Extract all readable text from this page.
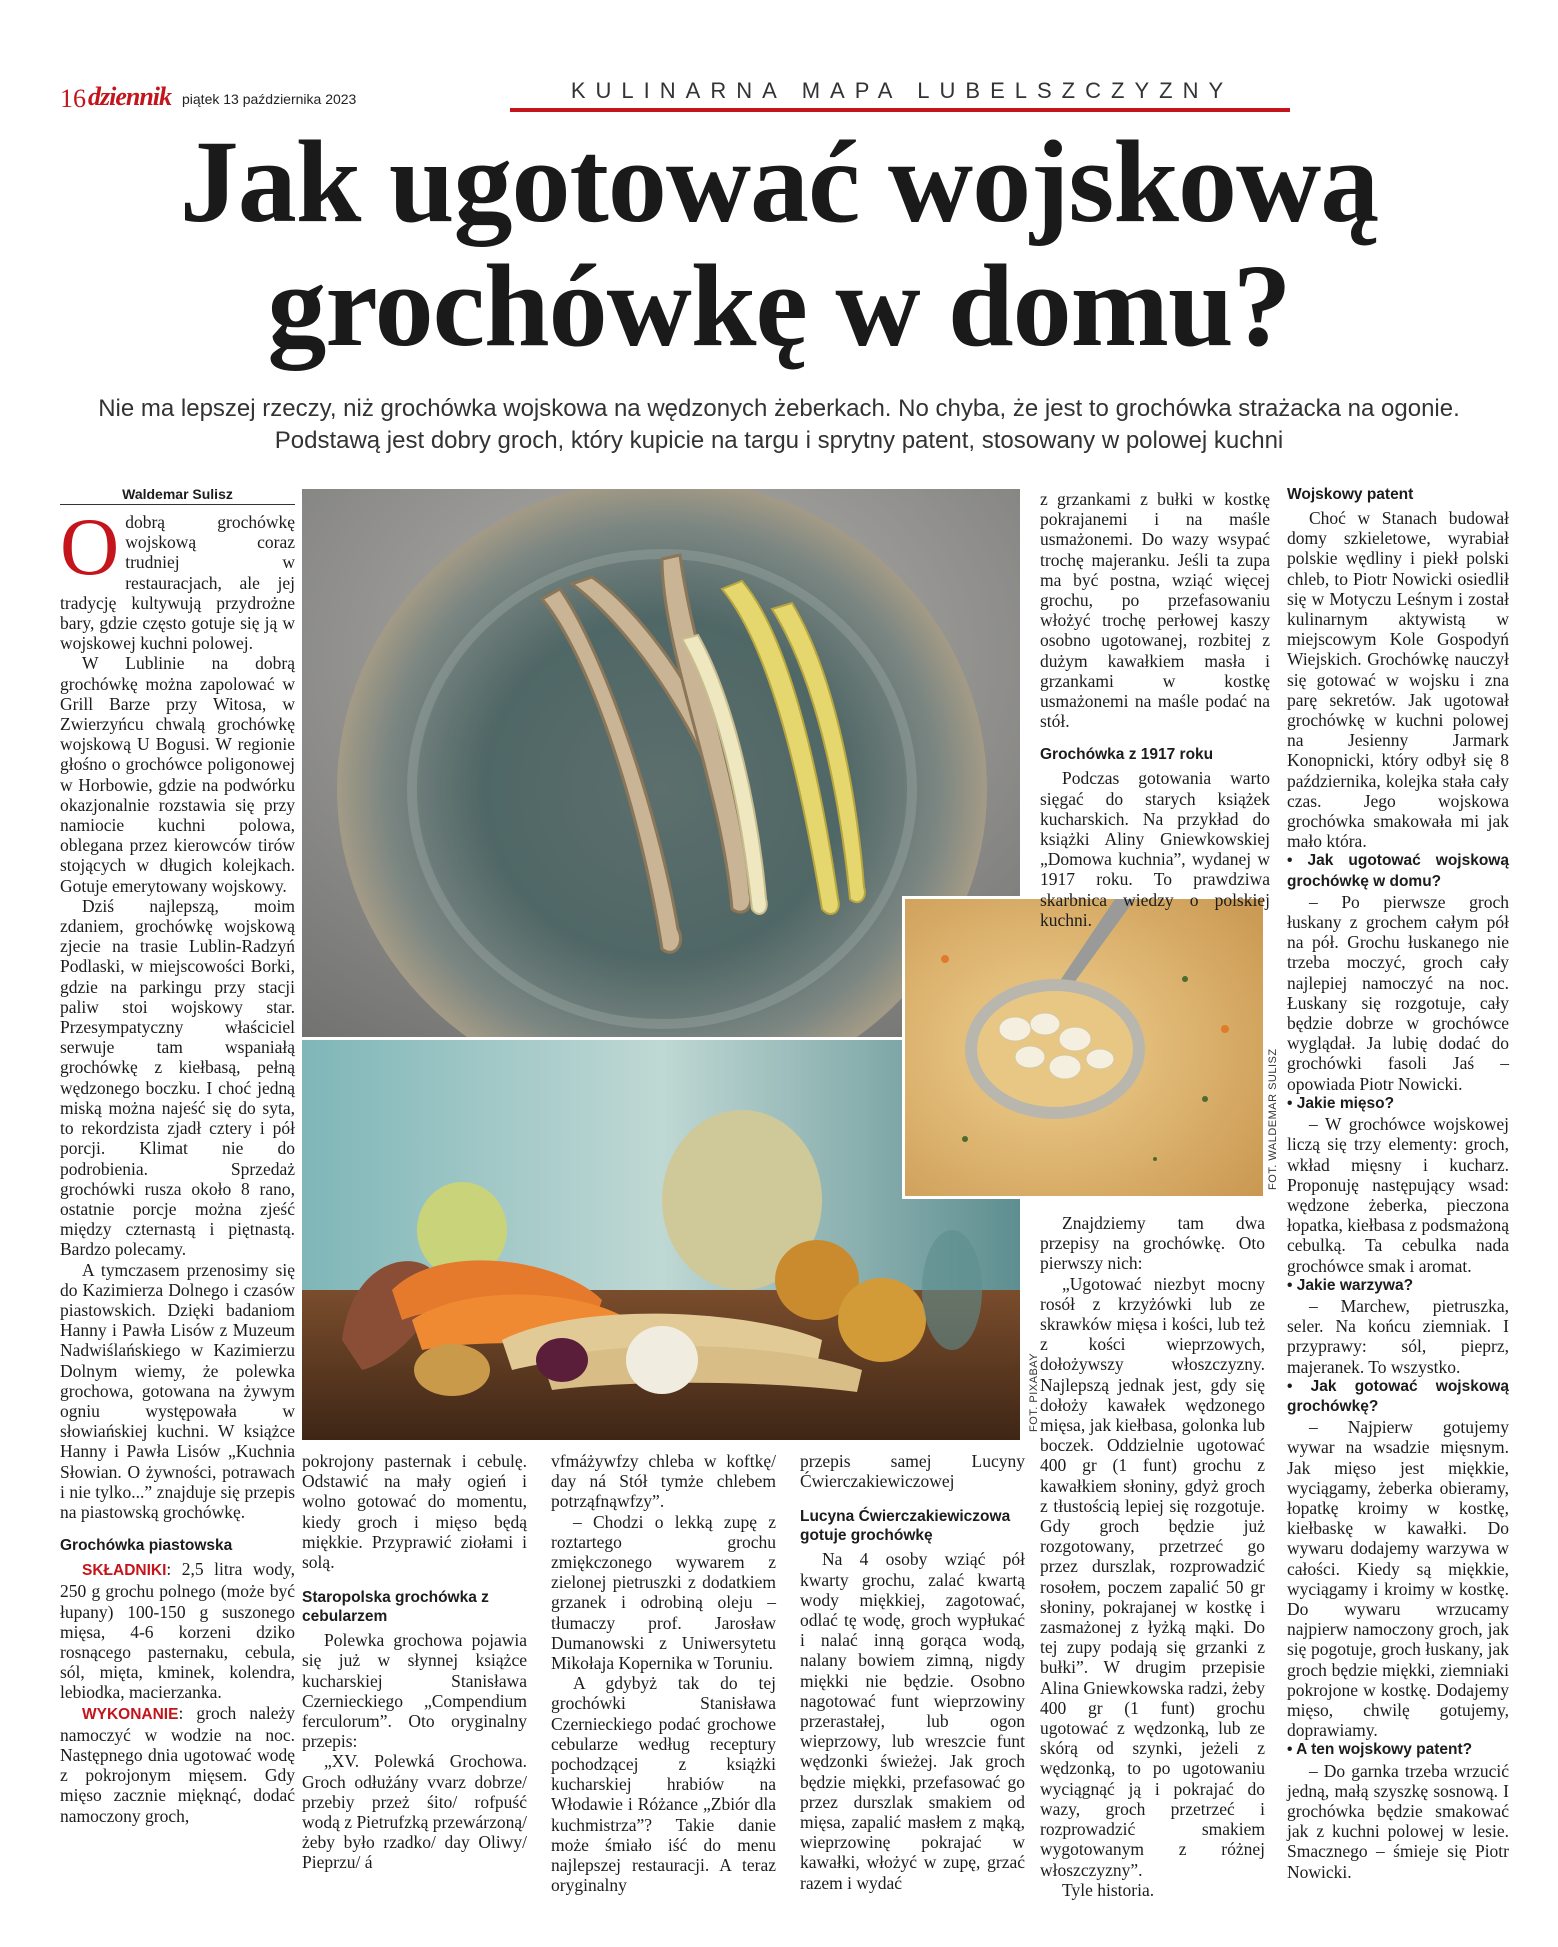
16 dziennik piątek 13 października 2023	KULINARNA MAPA LUBELSZCZYZNY
Jak ugotować wojskową
grochówkę w domu?
Nie ma lepszej rzeczy, niż grochówka wojskowa na wędzonych żeberkach. No chyba, że jest to grochówka strażacka na ogonie.
Podstawą jest dobry groch, który kupicie na targu i sprytny patent, stosowany w polowej kuchni
Waldemar Sulisz
O dobrą grochówkę wojskową coraz trudniej w restauracjach, ale jej tradycję kultywują przydrożne bary, gdzie często gotuje się ją w wojskowej kuchni polowej.

W Lublinie na dobrą grochówkę można zapolować w Grill Barze przy Witosa, w Zwierzyńcu chwalą grochówkę wojskową U Bogusi. W regionie głośno o grochówce poligonowej w Horbowie, gdzie na podwórku okazjonalnie rozstawia się przy namiocie kuchni polowa, oblegana przez kierowców tirów stojących w długich kolejkach. Gotuje emerytowany wojskowy.

Dziś najlepszą, moim zdaniem, grochówkę wojskową zjecie na trasie Lublin-Radzyń Podlaski, w miejscowości Borki, gdzie na parkingu przy stacji paliw stoi wojskowy star. Przesympatyczny właściciel serwuje tam wspaniałą grochówkę z kiełbasą, pełną wędzonego boczku. I choć jedną miską można najeść się do syta, to rekordzista zjadł cztery i pół porcji. Klimat nie do podrobienia. Sprzedaż grochówki rusza około 8 rano, ostatnie porcje można zjeść między czternastą i piętnastą. Bardzo polecamy.

A tymczasem przenosimy się do Kazimierza Dolnego i czasów piastowskich. Dzięki badaniom Hanny i Pawła Lisów z Muzeum Nadwiślańskiego w Kazimierzu Dolnym wiemy, że polewka grochowa, gotowana na żywym ogniu występowała w słowiańskiej kuchni. W książce Hanny i Pawła Lisów „Kuchnia Słowian. O żywności, potrawach i nie tylko...” znajduje się przepis na piastowską grochówkę.

Grochówka piastowska

SKŁADNIKI: 2,5 litra wody, 250 g grochu polnego (może być łupany) 100-150 g suszonego mięsa, 4-6 korzeni dziko rosnącego pasternaku, cebula, sól, mięta, kminek, kolendra, lebiodka, macierzanka.

WYKONANIE: groch należy namoczyć w wodzie na noc. Następnego dnia ugotować wodę z pokrojonym mięsem. Gdy mięso zacznie mięknąć, dodać namoczony groch,

FOT. PIXABAY
FOT. WALDEMAR SULISZ

pokrojony pasternak i cebulę. Odstawić na mały ogień i wolno gotować do momentu, kiedy groch i mięso będą miękkie. Przyprawić ziołami i solą.

Staropolska grochówka z cebularzem

Polewka grochowa pojawia się już w słynnej książce kucharskiej Stanisława Czernieckiego „Compendium ferculorum”. Oto oryginalny przepis:

„XV. Polewká Grochowa. Groch odłużány vvarz dobrze/ przebiy przeż śito/ rofpuść wodą z Pietrufzką przewárzoną/ żeby było rzadko/ day Oliwy/ Pieprzu/ á

vfmáżywfzy chleba w koftkę/ day ná Stół tymże chlebem potrząfnąwfzy”.

– Chodzi o lekką zupę z roztartego grochu zmiękczonego wywarem z zielonej pietruszki z dodatkiem grzanek i odrobiną oleju – tłumaczy prof. Jarosław Dumanowski z Uniwersytetu Mikołaja Kopernika w Toruniu.

A gdybyż tak do tej grochówki Stanisława Czernieckiego podać grochowe cebularze według receptury pochodzącej z książki kucharskiej hrabiów na Włodawie i Różance „Zbiór dla kuchmistrza”? Takie danie może śmiało iść do menu najlepszej restauracji. A teraz oryginalny

z grzankami z bułki w kostkę pokrajanemi i na maśle usmażonemi. Do wazy wsypać trochę majeranku. Jeśli ta zupa ma być postna, wziąć więcej grochu, po przefasowaniu włożyć trochę perłowej kaszy osobno ugotowanej, rozbitej z dużym kawałkiem masła i grzankami w kostkę usmażonemi na maśle podać na stół.

Grochówka z 1917 roku

Podczas gotowania warto sięgać do starych książek kucharskich. Na przykład do książki Aliny Gniewkowskiej „Domowa kuchnia”, wydanej w 1917 roku. To prawdziwa skarbnica wiedzy o polskiej kuchni.

przepis samej Lucyny Ćwierczakiewiczowej

Lucyna Ćwierczakiewiczowa gotuje grochówkę

Na 4 osoby wziąć pół kwarty grochu, zalać kwartą wody miękkiej, zagotować, odlać tę wodę, groch wypłukać i nalać inną gorąca wodą, nalany bowiem zimną, nigdy miękki nie będzie. Osobno nagotować funt wieprzowiny przerastałej, lub ogon wieprzowy, lub wreszcie funt wędzonki świeżej. Jak groch będzie miękki, przefasować go przez durszlak smakiem od mięsa, zapalić masłem z mąką, wieprzowinę pokrajać w kawałki, włożyć w zupę, grzać razem i wydać

Znajdziemy tam dwa przepisy na grochówkę. Oto pierwszy nich:

„Ugotować niezbyt mocny rosół z krzyżówki lub ze skrawków mięsa i kości, lub też z kości wieprzowych, dołożywszy włoszczyzny. Najlepszą jednak jest, gdy się dołoży kawałek wędzonego mięsa, jak kiełbasa, golonka lub boczek. Oddzielnie ugotować 400 gr (1 funt) grochu z kawałkiem słoniny, gdyż groch z tłustością lepiej się rozgotuje. Gdy groch będzie już rozgotowany, przetrzeć go przez durszlak, rozprowadzić rosołem, poczem zapalić 50 gr słoniny, pokrajanej w kostkę i zasmażonej z łyżką mąki. Do tej zupy podają się grzanki z bułki”. W drugim przepisie Alina Gniewkowska radzi, żeby 400 gr (1 funt) grochu ugotować z wędzonką, lub ze skórą od szynki, jeżeli z wędzonką, to po ugotowaniu wyciągnąć ją i pokrajać do wazy, groch przetrzeć i rozprowadzić smakiem wygotowanym z różnej włoszczyzny”.

Tyle historia.

Wojskowy patent

Choć w Stanach budował domy szkieletowe, wyrabiał polskie wędliny i piekł polski chleb, to Piotr Nowicki osiedlił się w Motyczu Leśnym i został kulinarnym aktywistą w miejscowym Kole Gospodyń Wiejskich. Grochówkę nauczył się gotować w wojsku i zna parę sekretów. Jak ugotował grochówkę w kuchni polowej na Jesienny Jarmark Konopnicki, który odbył się 8 października, kolejka stała cały czas. Jego wojskowa grochówka smakowała mi jak mało która.

• Jak ugotować wojskową grochówkę w domu?

– Po pierwsze groch łuskany z grochem całym pół na pół. Grochu łuskanego nie trzeba moczyć, groch cały najlepiej namoczyć na noc. Łuskany się rozgotuje, cały będzie dobrze w grochówce wyglądał. Ja lubię dodać do grochówki fasoli Jaś – opowiada Piotr Nowicki.

• Jakie mięso?

– W grochówce wojskowej liczą się trzy elementy: groch, wkład mięsny i kucharz. Proponuję następujący wsad: wędzone żeberka, pieczona łopatka, kiełbasa z podsmażoną cebulką. Ta cebulka nada grochówce smak i aromat.

• Jakie warzywa?

– Marchew, pietruszka, seler. Na końcu ziemniak. I przyprawy: sól, pieprz, majeranek. To wszystko.

• Jak gotować wojskową grochówkę?

– Najpierw gotujemy wywar na wsadzie mięsnym. Jak mięso jest miękkie, wyciągamy, żeberka obieramy, łopatkę kroimy w kostkę, kiełbaskę w kawałki. Do wywaru dodajemy warzywa w całości. Kiedy są miękkie, wyciągamy i kroimy w kostkę. Do wywaru wrzucamy najpierw namoczony groch, jak się pogotuje, groch łuskany, jak groch będzie miękki, ziemniaki pokrojone w kostkę. Dodajemy mięso, chwilę gotujemy, doprawiamy.

• A ten wojskowy patent?

– Do garnka trzeba wrzucić jedną, małą szyszkę sosnową. I grochówka będzie smakować jak z kuchni polowej w lesie. Smacznego – śmieje się Piotr Nowicki.
